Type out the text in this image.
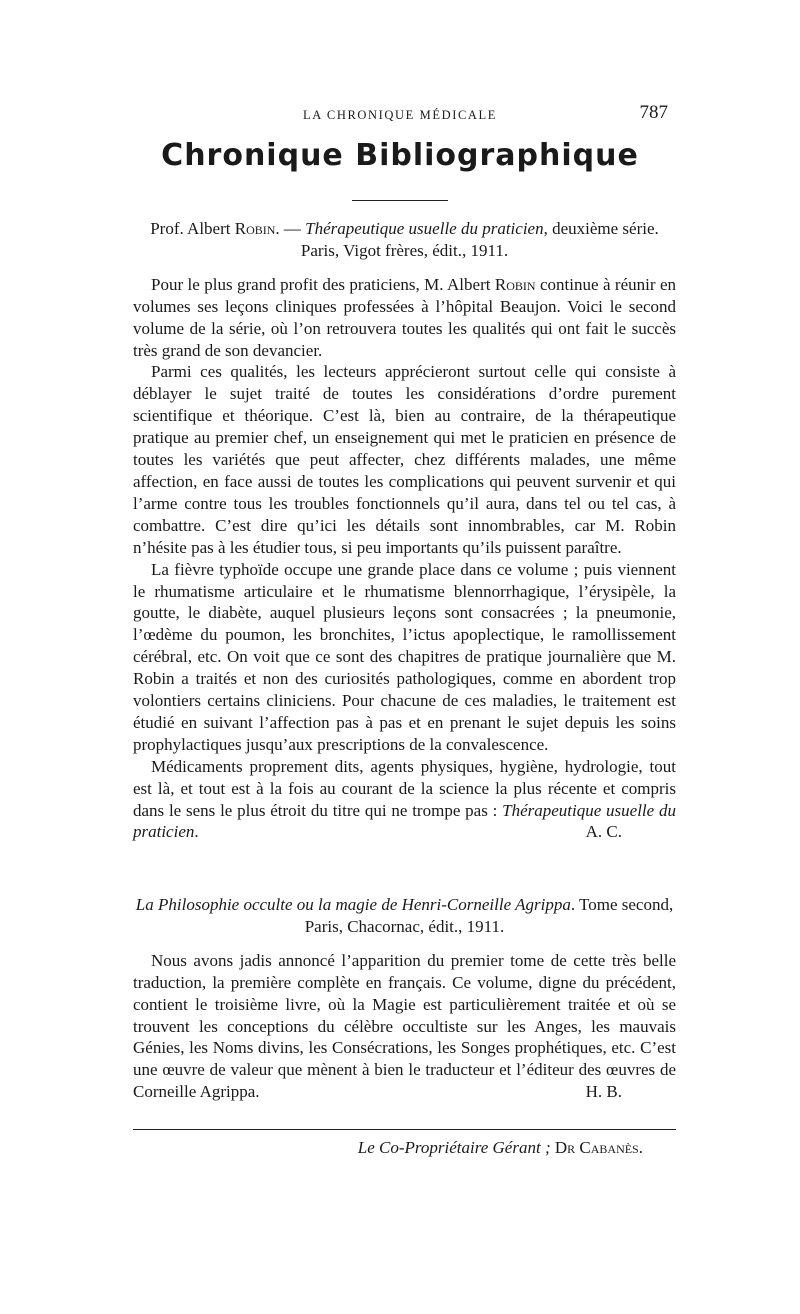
LA CHRONIQUE MÉDICALE	787
Chronique Bibliographique
Prof. Albert Robin. — Thérapeutique usuelle du praticien, deuxième série. Paris, Vigot frères, édit., 1911.

Pour le plus grand profit des praticiens, M. Albert Robin continue à réunir en volumes ses leçons cliniques professées à l’hôpital Beaujon. Voici le second volume de la série, où l’on retrouvera toutes les qualités qui ont fait le succès très grand de son devancier.

Parmi ces qualités, les lecteurs apprécieront surtout celle qui consiste à déblayer le sujet traité de toutes les considérations d’ordre purement scientifique et théorique. C’est là, bien au contraire, de la thérapeutique pratique au premier chef, un enseignement qui met le praticien en présence de toutes les variétés que peut affecter, chez différents malades, une même affection, en face aussi de toutes les complications qui peuvent survenir et qui l’arme contre tous les troubles fonctionnels qu’il aura, dans tel ou tel cas, à combattre. C’est dire qu’ici les détails sont innombrables, car M. Robin n’hésite pas à les étudier tous, si peu importants qu’ils puissent paraître.

La fièvre typhoïde occupe une grande place dans ce volume ; puis viennent le rhumatisme articulaire et le rhumatisme blennorrhagique, l’érysipèle, la goutte, le diabète, auquel plusieurs leçons sont consacrées ; la pneumonie, l’œdème du poumon, les bronchites, l’ictus apoplectique, le ramollissement cérébral, etc. On voit que ce sont des chapitres de pratique journalière que M. Robin a traités et non des curiosités pathologiques, comme en abordent trop volontiers certains cliniciens. Pour chacune de ces maladies, le traitement est étudié en suivant l’affection pas à pas et en prenant le sujet depuis les soins prophylactiques jusqu’aux prescriptions de la convalescence.

Médicaments proprement dits, agents physiques, hygiène, hydrologie, tout est là, et tout est à la fois au courant de la science la plus récente et compris dans le sens le plus étroit du titre qui ne trompe pas : Thérapeutique usuelle du praticien.	A. C.

La Philosophie occulte ou la magie de Henri-Corneille Agrippa. Tome second, Paris, Chacornac, édit., 1911.

Nous avons jadis annoncé l’apparition du premier tome de cette très belle traduction, la première complète en français. Ce volume, digne du précédent, contient le troisième livre, où la Magie est particulièrement traitée et où se trouvent les conceptions du célèbre occultiste sur les Anges, les mauvais Génies, les Noms divins, les Consécrations, les Songes prophétiques, etc. C’est une œuvre de valeur que mènent à bien le traducteur et l’éditeur des œuvres de Corneille Agrippa.	H. B.

Le Co-Propriétaire Gérant ; Dr Cabanès.
